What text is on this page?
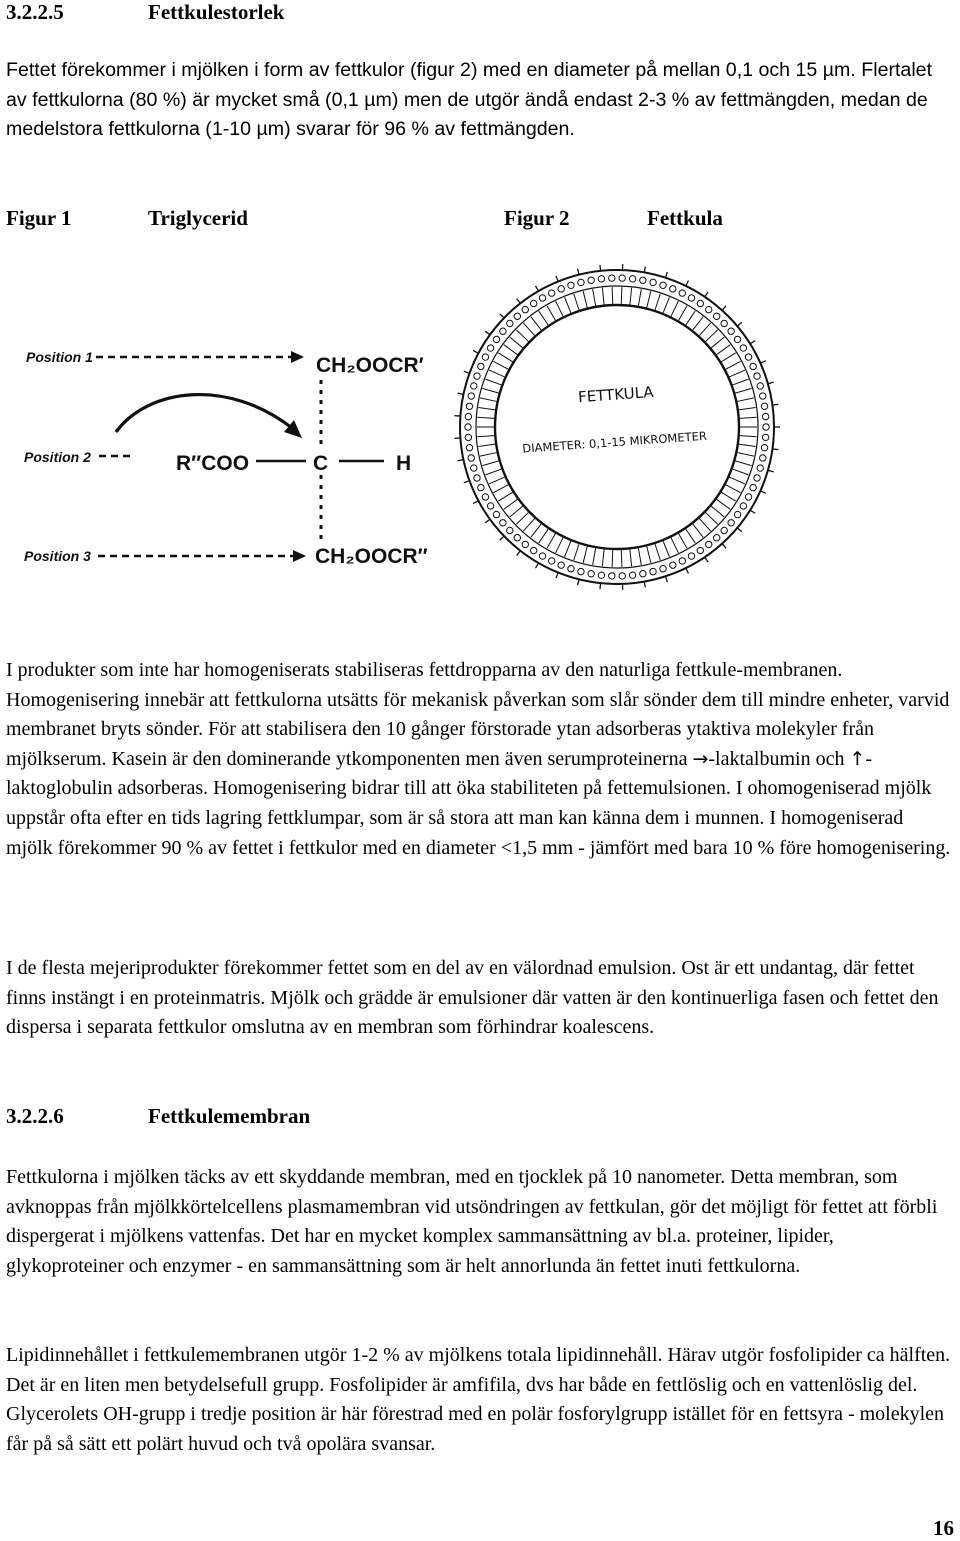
3.2.2.5	Fettkulestorlek

Fettet förekommer i mjölken i form av fettkulor (figur 2) med en diameter på mellan 0,1 och 15 µm. Flertalet av fettkulorna (80 %) är mycket små (0,1 µm) men de utgör ändå endast 2-3 % av fettmängden, medan de medelstora fettkulorna (1-10 µm) svarar för 96 % av fettmängden.

Figur 1	Triglycerid	Figur 2	Fettkula
Position 1
Position 2
Position 3
CH₂OOCR′
R″COO	C	H
CH₂OOCR″
FETTKULA
DIAMETER: 0,1-15 MIKROMETER

I produkter som inte har homogeniserats stabiliseras fettdropparna av den naturliga fettkule-membranen. Homogenisering innebär att fettkulorna utsätts för mekanisk påverkan som slår sönder dem till mindre enheter, varvid membranet bryts sönder. För att stabilisera den 10 gånger förstorade ytan adsorberas ytaktiva molekyler från mjölkserum. Kasein är den dominerande ytkomponenten men även serumproteinerna →-laktalbumin och ↑-laktoglobulin adsorberas. Homogenisering bidrar till att öka stabiliteten på fettemulsionen. I ohomogeniserad mjölk uppstår ofta efter en tids lagring fettklumpar, som är så stora att man kan känna dem i munnen. I homogeniserad mjölk förekommer 90 % av fettet i fettkulor med en diameter <1,5 mm - jämfört med bara 10 % före homogenisering.

I de flesta mejeriprodukter förekommer fettet som en del av en välordnad emulsion. Ost är ett undantag, där fettet finns instängt i en proteinmatris. Mjölk och grädde är emulsioner där vatten är den kontinuerliga fasen och fettet den dispersa i separata fettkulor omslutna av en membran som förhindrar koalescens.

3.2.2.6	Fettkulemembran

Fettkulorna i mjölken täcks av ett skyddande membran, med en tjocklek på 10 nanometer. Detta membran, som avknoppas från mjölkkörtelcellens plasmamembran vid utsöndringen av fettkulan, gör det möjligt för fettet att förbli dispergerat i mjölkens vattenfas. Det har en mycket komplex sammansättning av bl.a. proteiner, lipider, glykoproteiner och enzymer - en sammansättning som är helt annorlunda än fettet inuti fettkulorna.

Lipidinnehållet i fettkulemembranen utgör 1-2 % av mjölkens totala lipidinnehåll. Härav utgör fosfolipider ca hälften. Det är en liten men betydelsefull grupp. Fosfolipider är amfifila, dvs har både en fettlöslig och en vattenlöslig del. Glycerolets OH-grupp i tredje position är här förestrad med en polär fosforylgrupp istället för en fettsyra - molekylen får på så sätt ett polärt huvud och två opolära svansar.

16
